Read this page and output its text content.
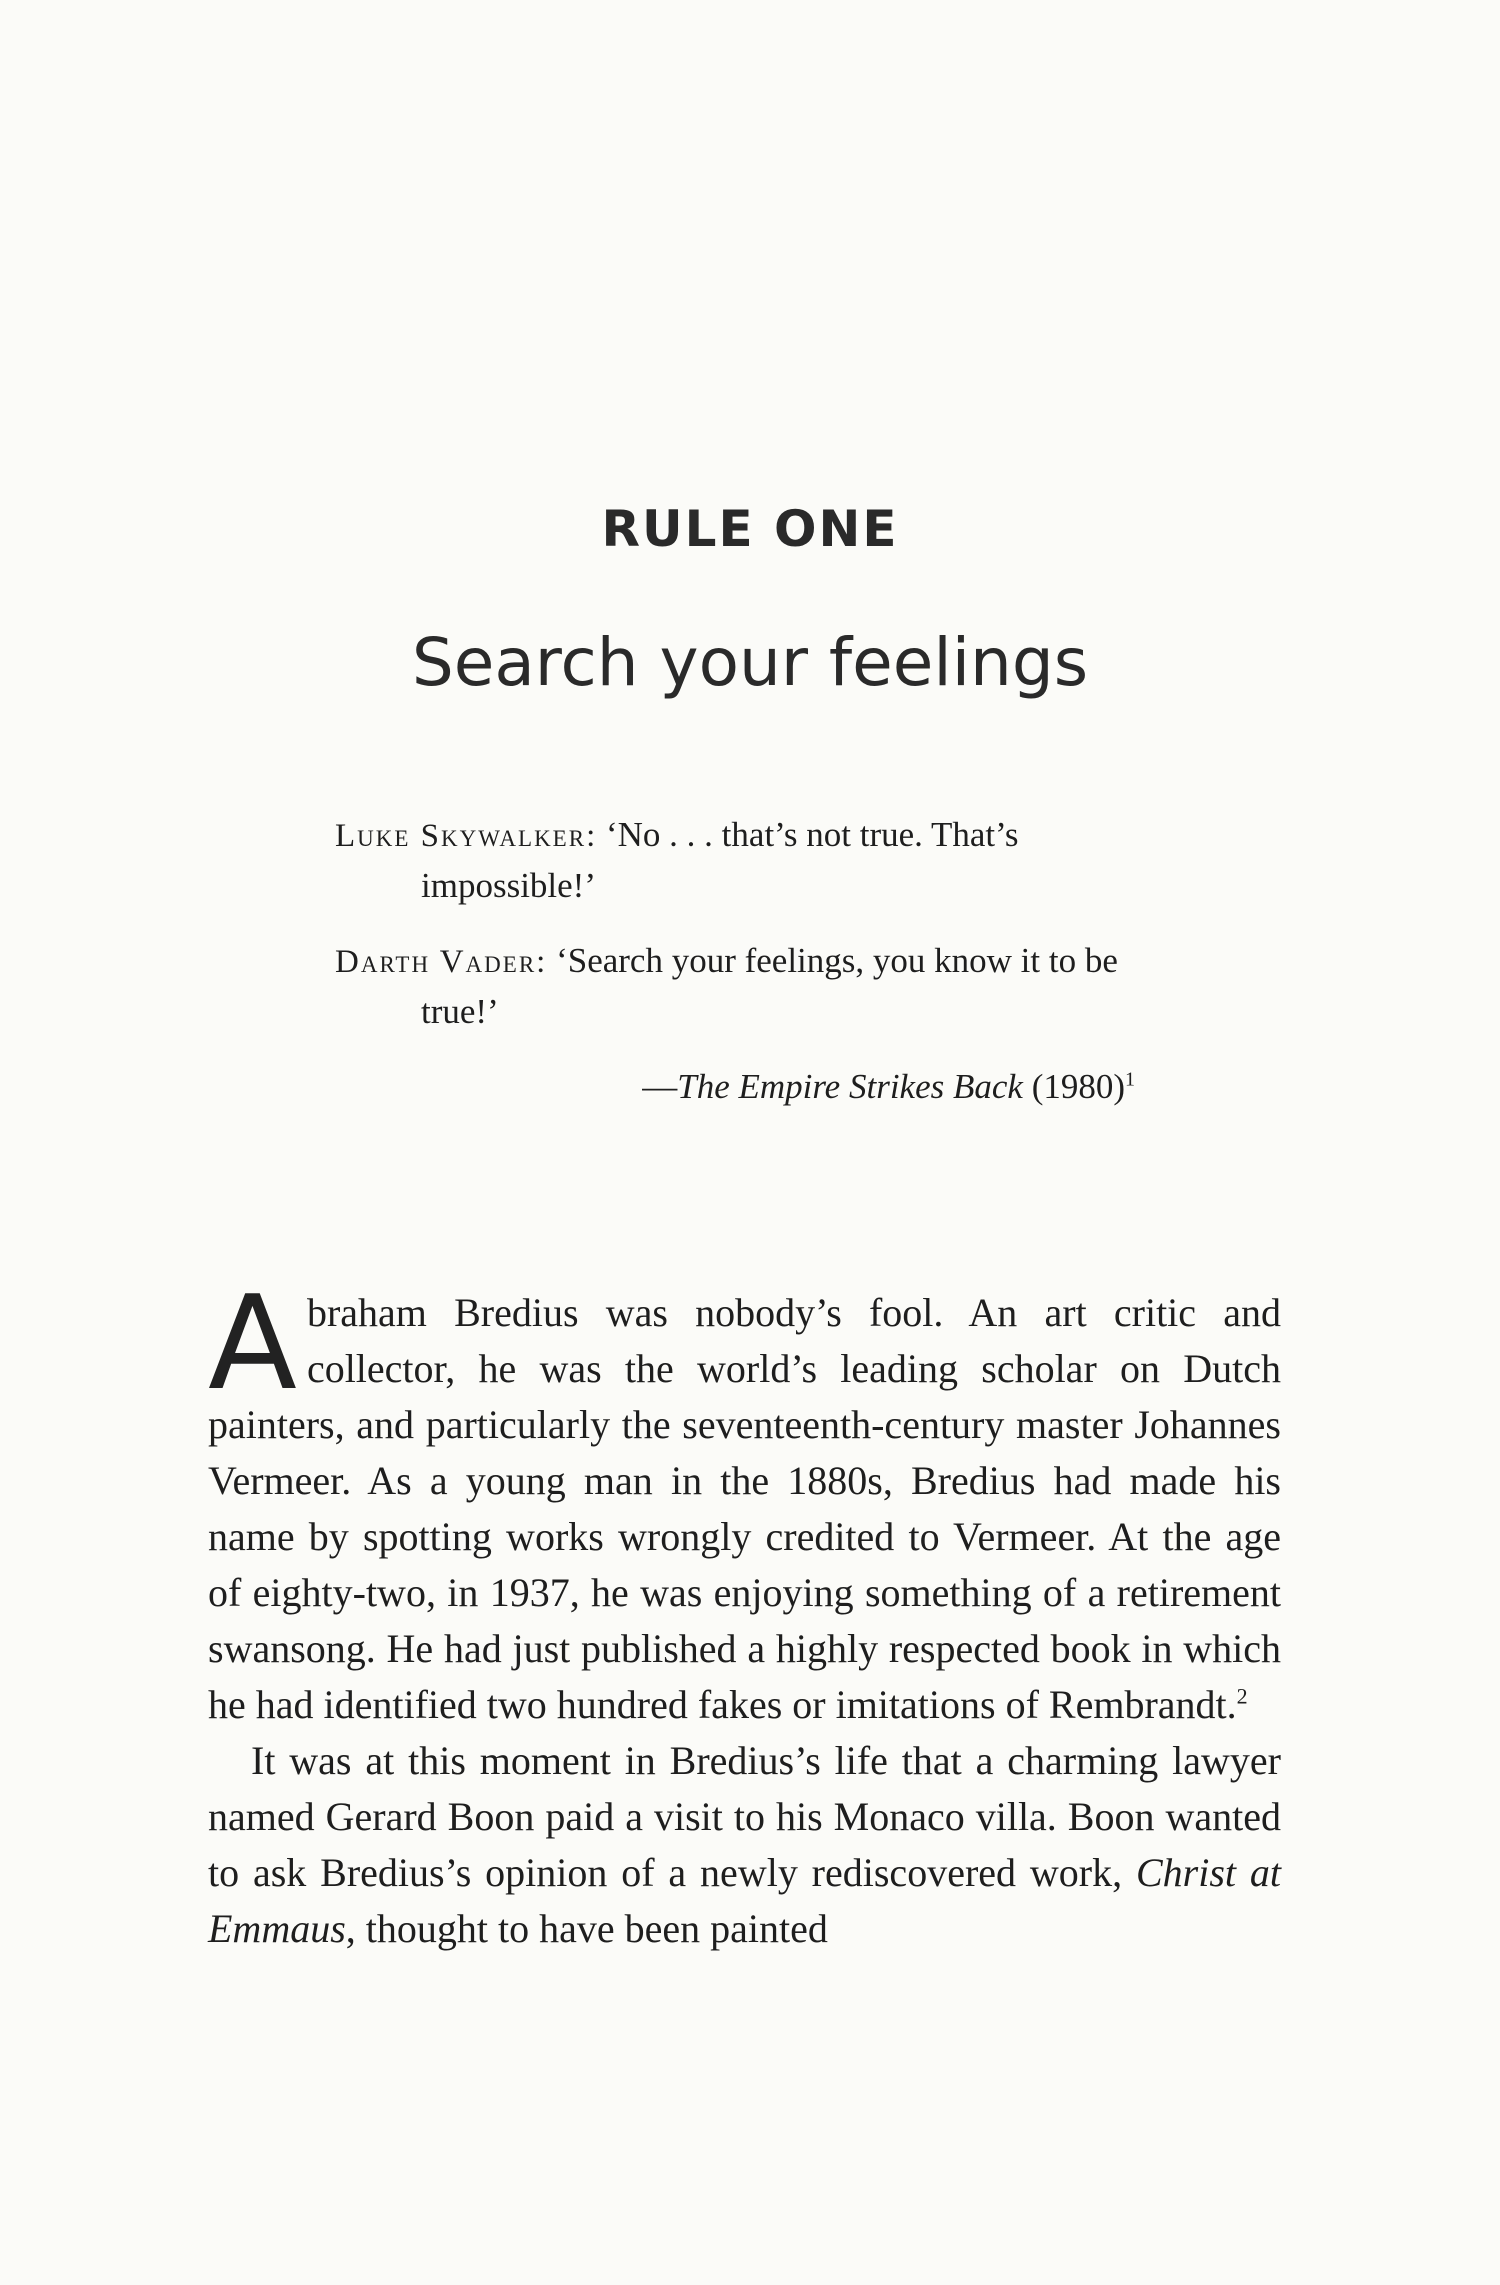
RULE ONE
Search your feelings

Luke Skywalker: ‘No . . . that’s not true. That’s impossible!’

Darth Vader: ‘Search your feelings, you know it to be true!’

—The Empire Strikes Back $(1980)^1$

Abraham Bredius was nobody’s fool. An art critic and collector, he was the world’s leading scholar on Dutch painters, and particularly the seventeenth-century master Johannes Vermeer. As a young man in the 1880s, Bredius had made his name by spotting works wrongly credited to Vermeer. At the age of eighty-two, in 1937, he was enjoying something of a retirement swansong. He had just published a highly respected book in which he had identified two hundred fakes or imitations of Rembrandt.$^2$

It was at this moment in Bredius’s life that a charming lawyer named Gerard Boon paid a visit to his Monaco villa. Boon wanted to ask Bredius’s opinion of a newly rediscovered work, Christ at Emmaus, thought to have been painted
